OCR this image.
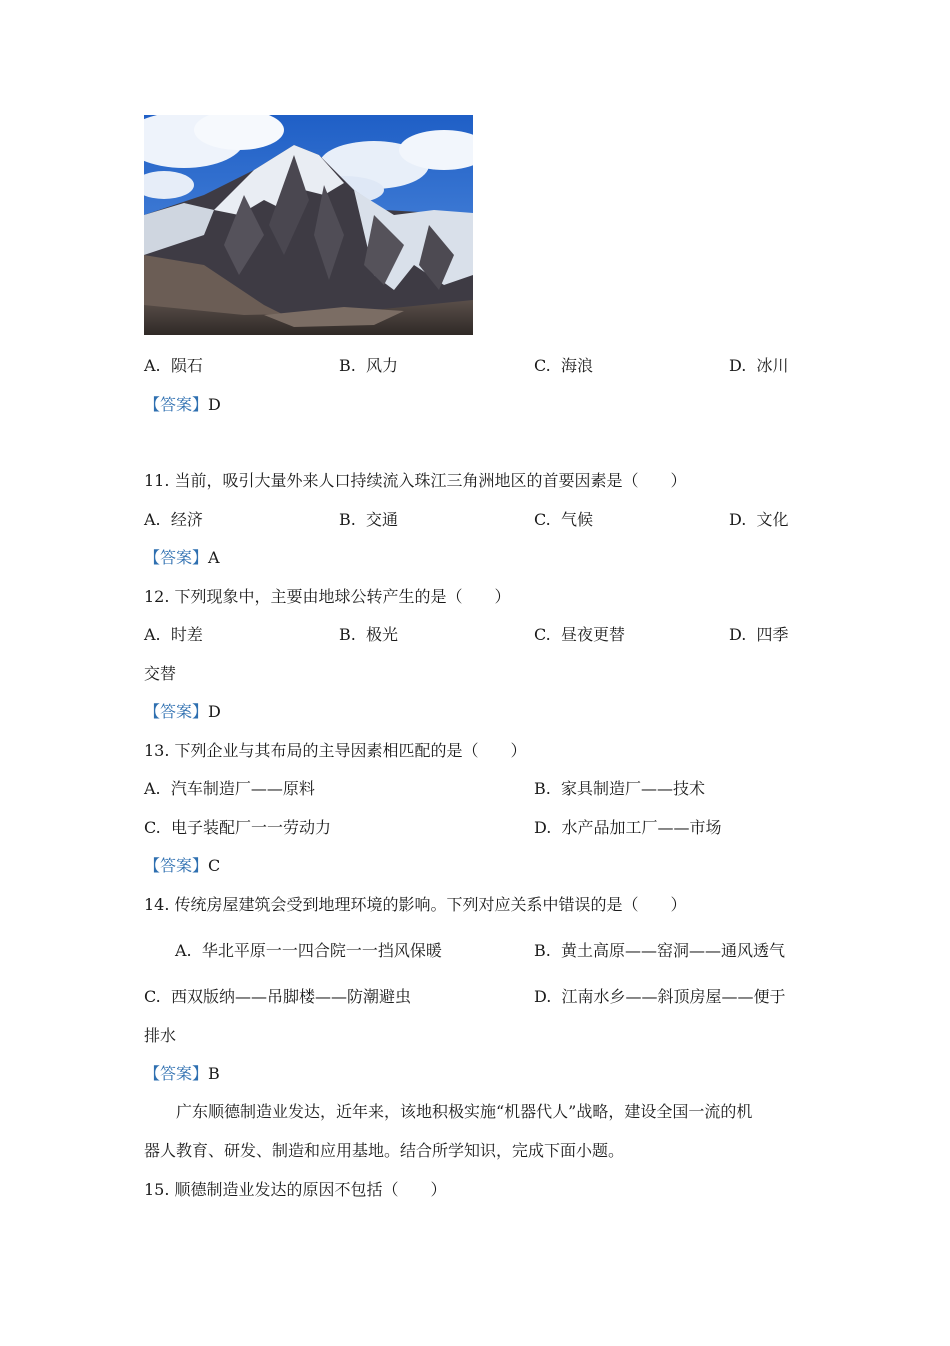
A. 陨石	B. 风力	C. 海浪	D. 冰川
【答案】D
11. 当前，吸引大量外来人口持续流入珠江三角洲地区的首要因素是（　　）
A. 经济	B. 交通	C. 气候	D. 文化
【答案】A
12. 下列现象中，主要由地球公转产生的是（　　）
A. 时差	B. 极光	C. 昼夜更替	D. 四季
交替
【答案】D
13. 下列企业与其布局的主导因素相匹配的是（　　）
A. 汽车制造厂——原料	B. 家具制造厂——技术
C. 电子装配厂一一劳动力	D. 水产品加工厂——市场
【答案】C
14. 传统房屋建筑会受到地理环境的影响。下列对应关系中错误的是（　　）
A. 华北平原一一四合院一一挡风保暖	B. 黄土高原——窑洞——通风透气
C. 西双版纳——吊脚楼——防潮避虫	D. 江南水乡——斜顶房屋——便于
排水
【答案】B
广东顺德制造业发达，近年来，该地积极实施“机器代人”战略，建设全国一流的机
器人教育、研发、制造和应用基地。结合所学知识，完成下面小题。
15. 顺德制造业发达的原因不包括（　　）
